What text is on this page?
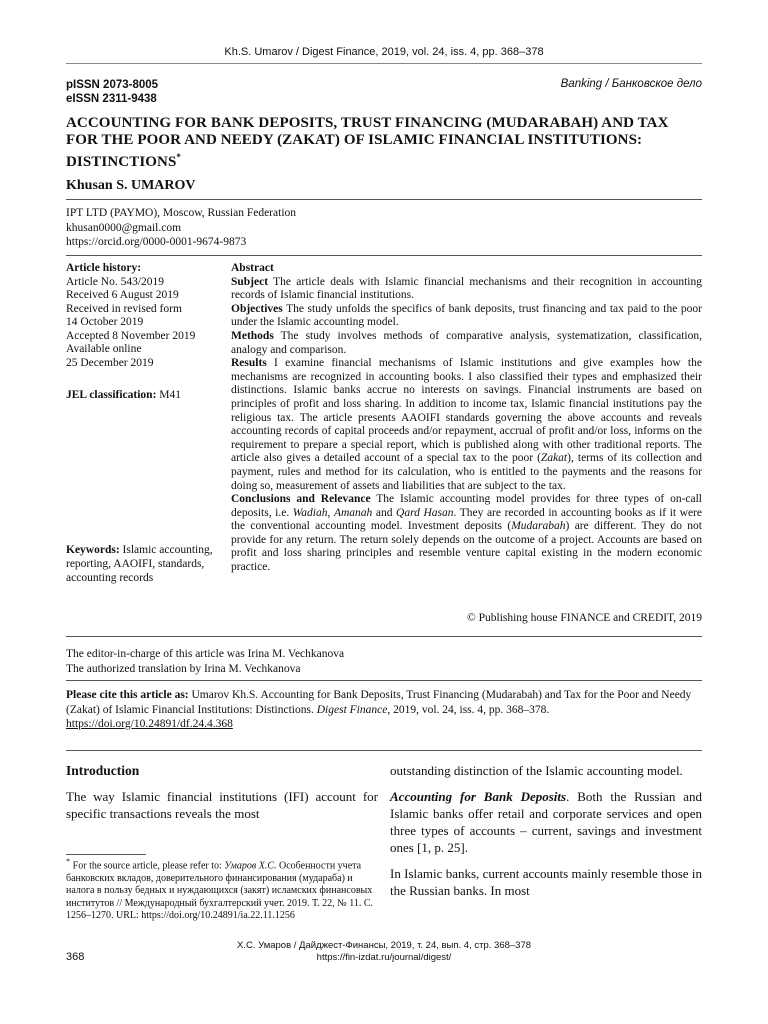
Kh.S. Umarov / Digest Finance, 2019, vol. 24, iss. 4, pp. 368–378
pISSN 2073-8005
eISSN 2311-9438
Banking / Банковское дело
ACCOUNTING FOR BANK DEPOSITS, TRUST FINANCING (MUDARABAH) AND TAX FOR THE POOR AND NEEDY (ZAKAT) OF ISLAMIC FINANCIAL INSTITUTIONS: DISTINCTIONS*
Khusan S. UMAROV
IPT LTD (PAYMO), Moscow, Russian Federation
khusan0000@gmail.com
https://orcid.org/0000-0001-9674-9873
Article history:
Article No. 543/2019
Received 6 August 2019
Received in revised form
14 October 2019
Accepted 8 November 2019
Available online
25 December 2019
JEL classification: M41
Keywords: Islamic accounting, reporting, AAOIFI, standards, accounting records

Abstract

Subject The article deals with Islamic financial mechanisms and their recognition in accounting records of Islamic financial institutions.

Objectives The study unfolds the specifics of bank deposits, trust financing and tax paid to the poor under the Islamic accounting model.

Methods The study involves methods of comparative analysis, systematization, classification, analogy and comparison.

Results I examine financial mechanisms of Islamic institutions and give examples how the mechanisms are recognized in accounting books. I also classified their types and emphasized their distinctions. Islamic banks accrue no interests on savings. Financial instruments are based on principles of profit and loss sharing. In addition to income tax, Islamic financial institutions pay the religious tax. The article presents AAOIFI standards governing the above accounts and reveals accounting records of capital proceeds and/or repayment, accrual of profit and/or loss, informs on the requirement to prepare a special report, which is published along with other traditional reports. The article also gives a detailed account of a special tax to the poor (Zakat), terms of its collection and payment, rules and method for its calculation, who is entitled to the payments and the reasons for doing so, measurement of assets and liabilities that are subject to the tax.

Conclusions and Relevance The Islamic accounting model provides for three types of on-call deposits, i.e. Wadiah, Amanah and Qard Hasan. They are recorded in accounting books as if it were the conventional accounting model. Investment deposits (Mudarabah) are different. They do not provide for any return. The return solely depends on the outcome of a project. Accounts are based on profit and loss sharing principles and resemble venture capital existing in the modern economic practice.

© Publishing house FINANCE and CREDIT, 2019
The editor-in-charge of this article was Irina M. Vechkanova
The authorized translation by Irina M. Vechkanova
Please cite this article as: Umarov Kh.S. Accounting for Bank Deposits, Trust Financing (Mudarabah) and Tax for the Poor and Needy (Zakat) of Islamic Financial Institutions: Distinctions. Digest Finance, 2019, vol. 24, iss. 4, pp. 368–378.
https://doi.org/10.24891/df.24.4.368
Introduction

The way Islamic financial institutions (IFI) account for specific transactions reveals the most

outstanding distinction of the Islamic accounting model.

Accounting for Bank Deposits. Both the Russian and Islamic banks offer retail and corporate services and open three types of accounts – current, savings and investment ones [1, p. 25].

In Islamic banks, current accounts mainly resemble those in the Russian banks. In most

* For the source article, please refer to: Умаров Х.С. Особенности учета банковских вкладов, доверительного финансирования (мудараба) и налога в пользу бедных и нуждающихся (закят) исламских финансовых институтов // Международный бухгалтерский учет. 2019. Т. 22, № 11. С. 1256–1270. URL: https://doi.org/10.24891/ia.22.11.1256
Х.С. Умаров / Дайджест-Финансы, 2019, т. 24, вып. 4, стр. 368–378
https://fin-izdat.ru/journal/digest/
368
